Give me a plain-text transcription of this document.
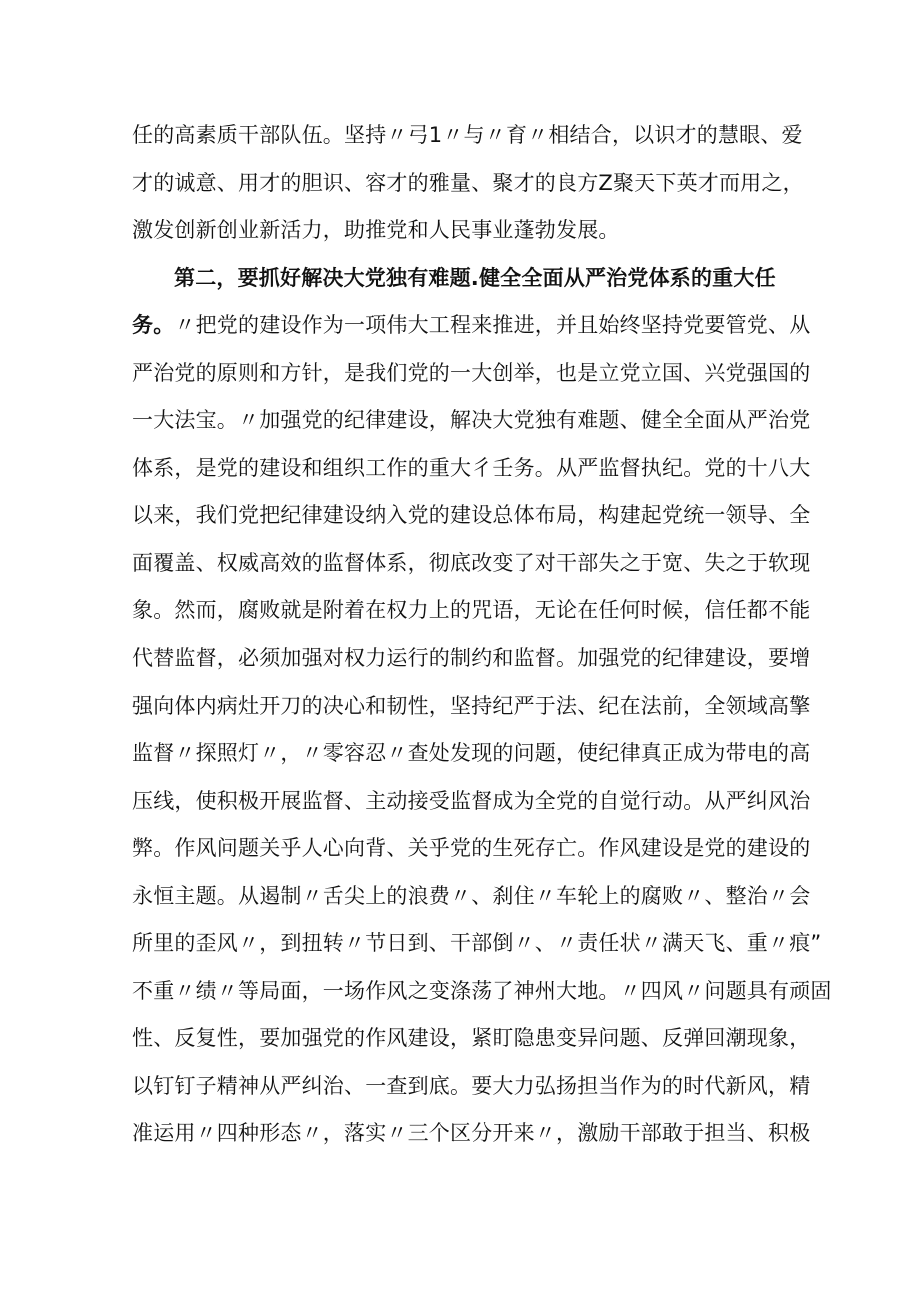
任的高素质干部队伍。坚持〃弓1〃与〃育〃相结合，以识才的慧眼、爱
才的诚意、用才的胆识、容才的雅量、聚才的良方Z聚天下英才而用之，
激发创新创业新活力，助推党和人民事业蓬勃发展。
第二，要抓好解决大党独有难题.健全全面从严治党体系的重大任
务。〃把党的建设作为一项伟大工程来推进，并且始终坚持党要管党、从
严治党的原则和方针，是我们党的一大创举，也是立党立国、兴党强国的
一大法宝。〃加强党的纪律建设，解决大党独有难题、健全全面从严治党
体系，是党的建设和组织工作的重大彳壬务。从严监督执纪。党的十八大
以来，我们党把纪律建设纳入党的建设总体布局，构建起党统一领导、全
面覆盖、权威高效的监督体系，彻底改变了对干部失之于宽、失之于软现
象。然而，腐败就是附着在权力上的咒语，无论在任何时候，信任都不能
代替监督，必须加强对权力运行的制约和监督。加强党的纪律建设，要增
强向体内病灶开刀的决心和韧性，坚持纪严于法、纪在法前，全领域高擎
监督〃探照灯〃，〃零容忍〃查处发现的问题，使纪律真正成为带电的高
压线，使积极开展监督、主动接受监督成为全党的自觉行动。从严纠风治
弊。作风问题关乎人心向背、关乎党的生死存亡。作风建设是党的建设的
永恒主题。从遏制〃舌尖上的浪费〃、刹住〃车轮上的腐败〃、整治〃会
所里的歪风〃，到扭转〃节日到、干部倒〃、〃责任状〃满天飞、重〃痕”
不重〃绩〃等局面，一场作风之变涤荡了神州大地。〃四风〃问题具有顽固
性、反复性，要加强党的作风建设，紧盯隐患变异问题、反弹回潮现象，
以钉钉子精神从严纠治、一查到底。要大力弘扬担当作为的时代新风，精
准运用〃四种形态〃，落实〃三个区分开来〃，激励干部敢于担当、积极
